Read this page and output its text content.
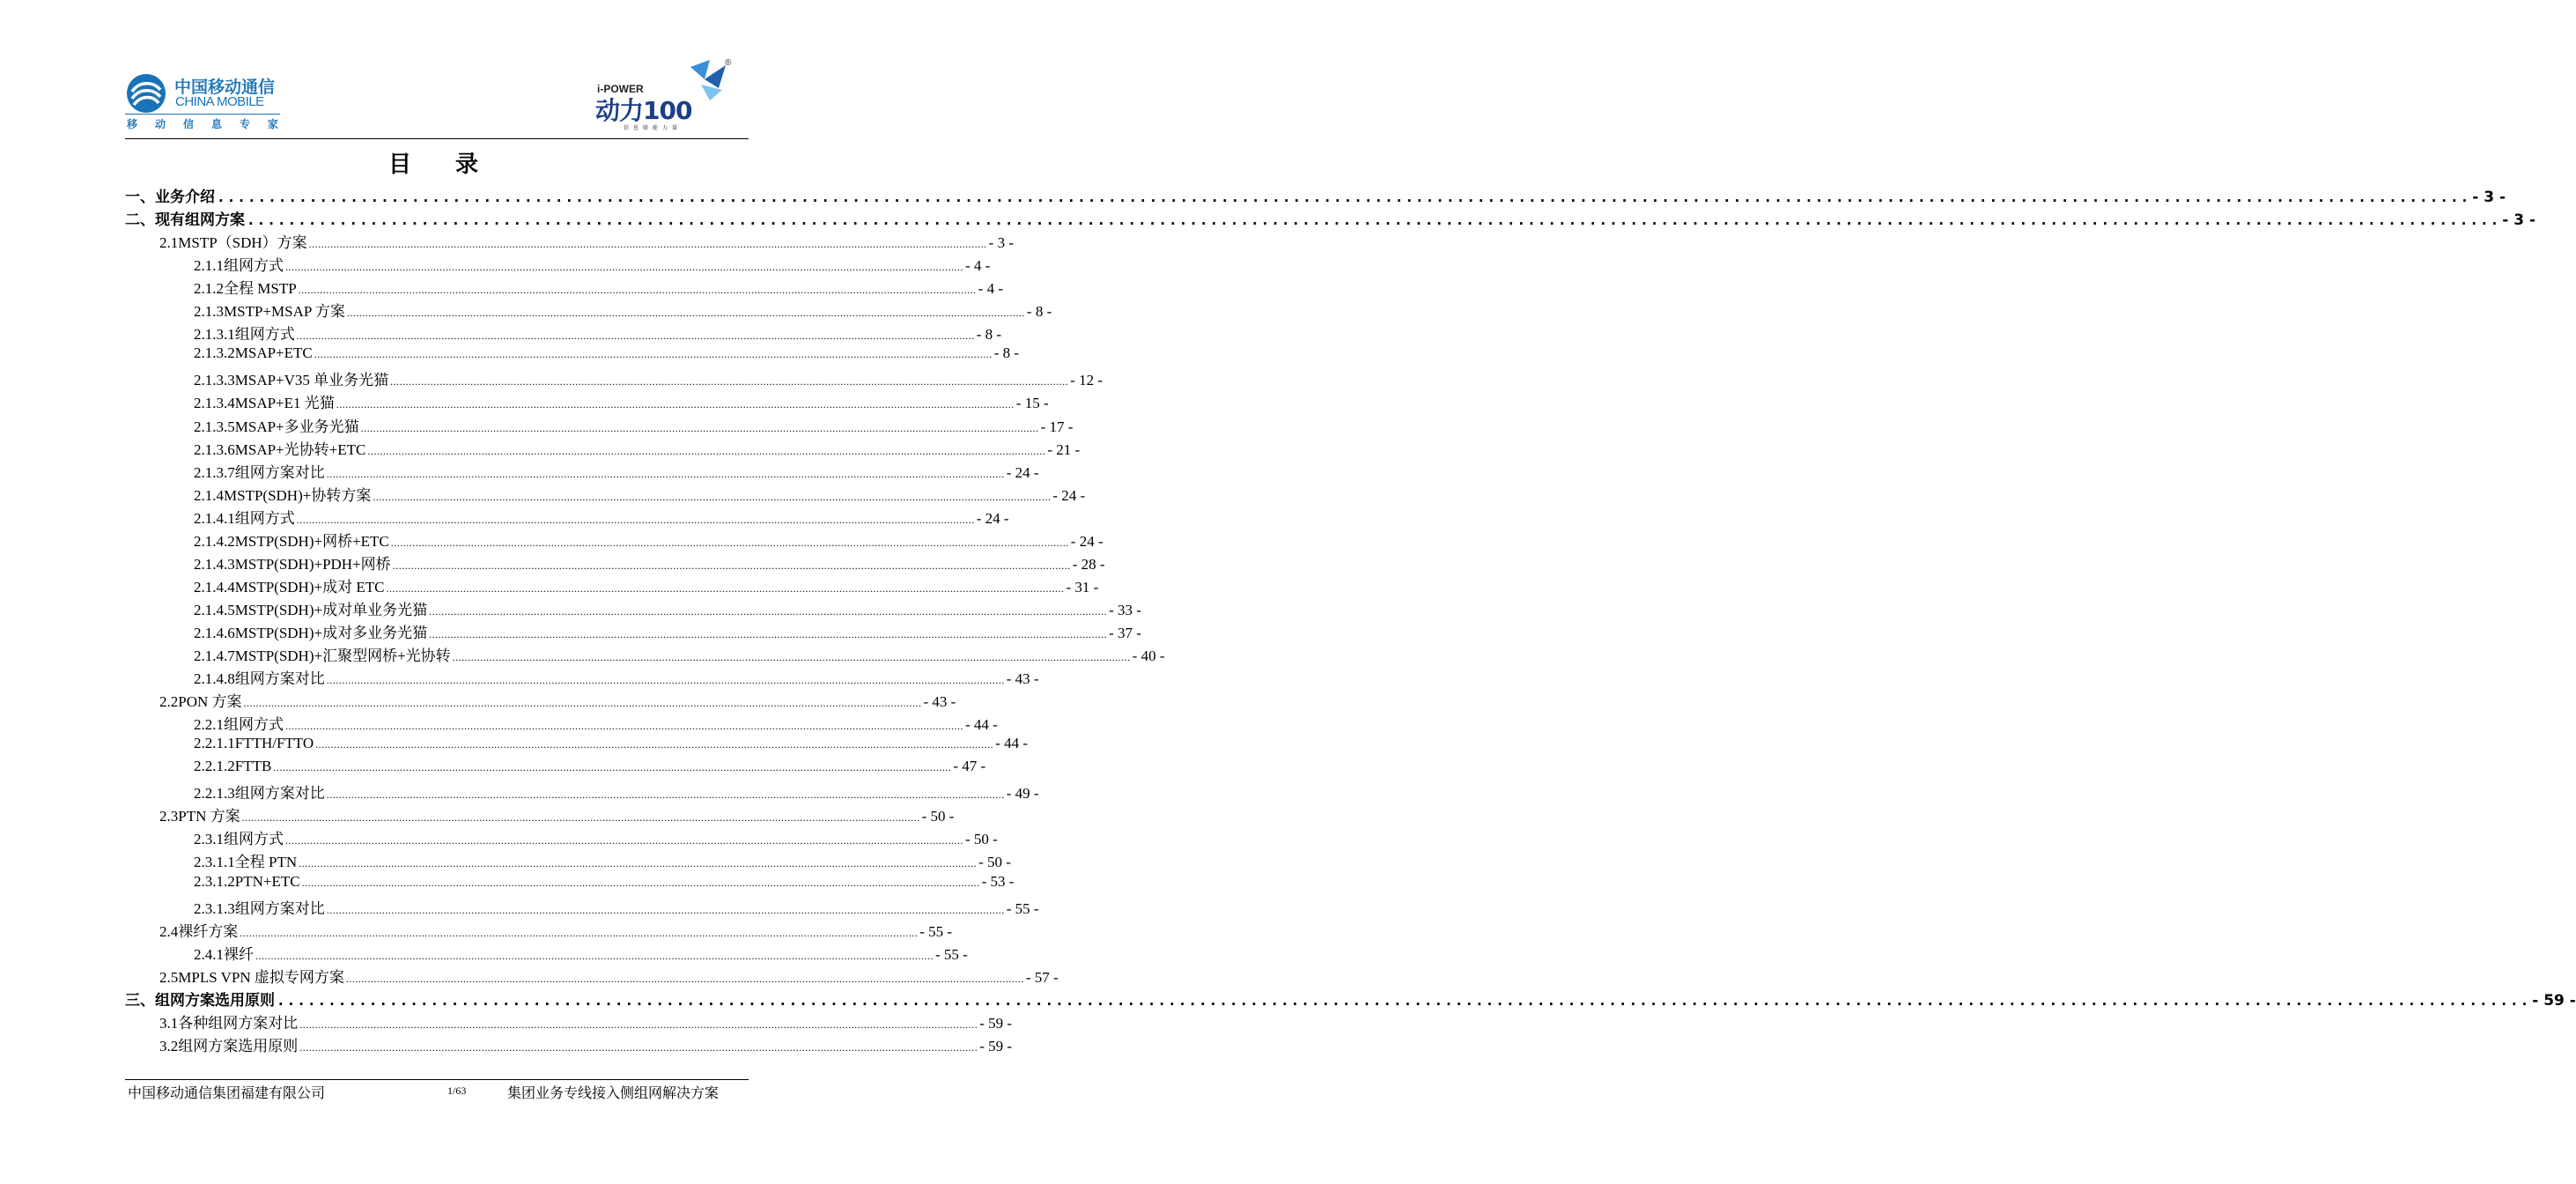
中国移动通信
CHINA MOBILE
移 动 信 息 专 家
®
i-POWER
动力100
信息联能力量
目录
一、 业务介绍 ............................................................................................................................................................................................................................ - 3 -
二、 现有组网方案 ............................................................................................................................................................................................................................ - 3 -
2.1 MSTP（SDH）方案 ............................................................................................................................................................................................................................ - 3 -
2.1.1 组网方式 ............................................................................................................................................................................................................................ - 4 -
2.1.2 全程 MSTP ............................................................................................................................................................................................................................ - 4 -
2.1.3 MSTP+MSAP 方案 ............................................................................................................................................................................................................................ - 8 -
2.1.3.1 组网方式 ............................................................................................................................................................................................................................ - 8 -
2.1.3.2 MSAP+ETC ............................................................................................................................................................................................................................ - 8 -
2.1.3.3 MSAP+V35 单业务光猫 ............................................................................................................................................................................................................................ - 12 -
2.1.3.4 MSAP+E1 光猫 ............................................................................................................................................................................................................................ - 15 -
2.1.3.5 MSAP+多业务光猫 ............................................................................................................................................................................................................................ - 17 -
2.1.3.6 MSAP+光协转+ETC ............................................................................................................................................................................................................................ - 21 -
2.1.3.7 组网方案对比 ............................................................................................................................................................................................................................ - 24 -
2.1.4 MSTP(SDH)+协转方案 ............................................................................................................................................................................................................................ - 24 -
2.1.4.1 组网方式 ............................................................................................................................................................................................................................ - 24 -
2.1.4.2 MSTP(SDH)+网桥+ETC ............................................................................................................................................................................................................................ - 24 -
2.1.4.3 MSTP(SDH)+PDH+网桥 ............................................................................................................................................................................................................................ - 28 -
2.1.4.4 MSTP(SDH)+成对 ETC ............................................................................................................................................................................................................................ - 31 -
2.1.4.5 MSTP(SDH)+成对单业务光猫 ............................................................................................................................................................................................................................ - 33 -
2.1.4.6 MSTP(SDH)+成对多业务光猫 ............................................................................................................................................................................................................................ - 37 -
2.1.4.7 MSTP(SDH)+汇聚型网桥+光协转 ............................................................................................................................................................................................................................ - 40 -
2.1.4.8 组网方案对比 ............................................................................................................................................................................................................................ - 43 -
2.2 PON 方案 ............................................................................................................................................................................................................................ - 43 -
2.2.1 组网方式 ............................................................................................................................................................................................................................ - 44 -
2.2.1.1 FTTH/FTTO ............................................................................................................................................................................................................................ - 44 -
2.2.1.2 FTTB ............................................................................................................................................................................................................................ - 47 -
2.2.1.3 组网方案对比 ............................................................................................................................................................................................................................ - 49 -
2.3 PTN 方案 ............................................................................................................................................................................................................................ - 50 -
2.3.1 组网方式 ............................................................................................................................................................................................................................ - 50 -
2.3.1.1 全程 PTN ............................................................................................................................................................................................................................ - 50 -
2.3.1.2 PTN+ETC ............................................................................................................................................................................................................................ - 53 -
2.3.1.3 组网方案对比 ............................................................................................................................................................................................................................ - 55 -
2.4 裸纤方案 ............................................................................................................................................................................................................................ - 55 -
2.4.1 裸纤 ............................................................................................................................................................................................................................ - 55 -
2.5 MPLS VPN 虚拟专网方案 ............................................................................................................................................................................................................................ - 57 -
三、 组网方案选用原则 ............................................................................................................................................................................................................................ - 59 -
3.1 各种组网方案对比 ............................................................................................................................................................................................................................ - 59 -
3.2 组网方案选用原则 ............................................................................................................................................................................................................................ - 59 -
中国移动通信集团福建有限公司	1/63	集团业务专线接入侧组网解决方案
